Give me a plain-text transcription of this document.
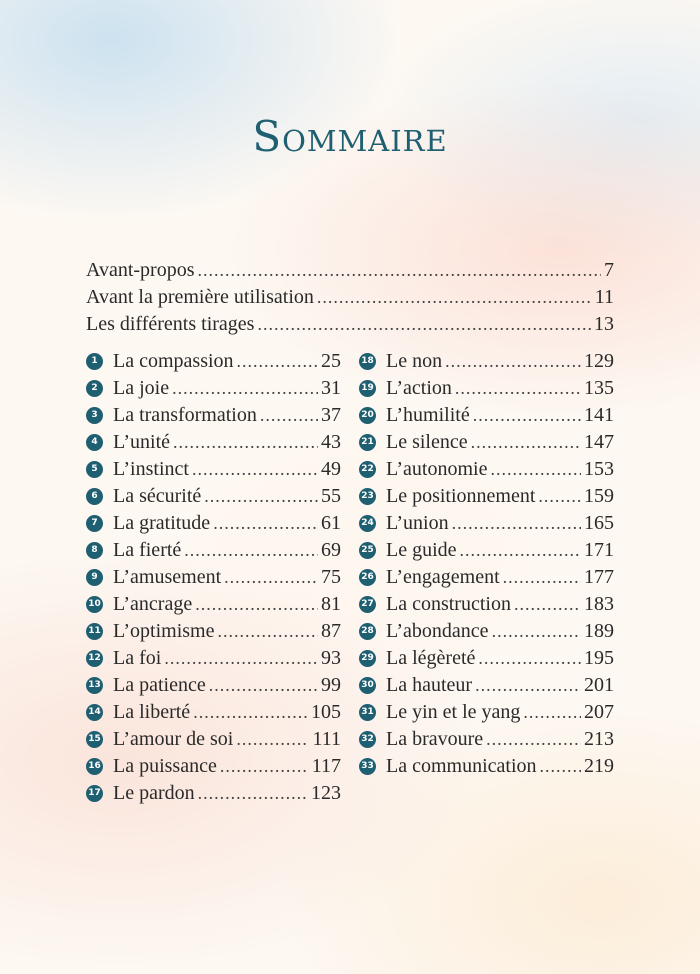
Sommaire
Avant-propos .....	7
Avant la première utilisation .....	11
Les différents tirages .....	13
1 La compassion .....	25
2 La joie .....	31
3 La transformation .....	37
4 L’unité .....	43
5 L’instinct .....	49
6 La sécurité .....	55
7 La gratitude .....	61
8 La fierté .....	69
9 L’amusement .....	75
10 L’ancrage .....	81
11 L’optimisme .....	87
12 La foi .....	93
13 La patience .....	99
14 La liberté .....	105
15 L’amour de soi .....	111
16 La puissance .....	117
17 Le pardon .....	123
18 Le non .....	129
19 L’action .....	135
20 L’humilité .....	141
21 Le silence .....	147
22 L’autonomie .....	153
23 Le positionnement ..... 159
24 L’union .....	165
25 Le guide .....	171
26 L’engagement .....	177
27 La construction .....	183
28 L’abondance .....	189
29 La légèreté .....	195
30 La hauteur .....	201
31 Le yin et le yang .....	207
32 La bravoure .....	213
33 La communication ..... 219
